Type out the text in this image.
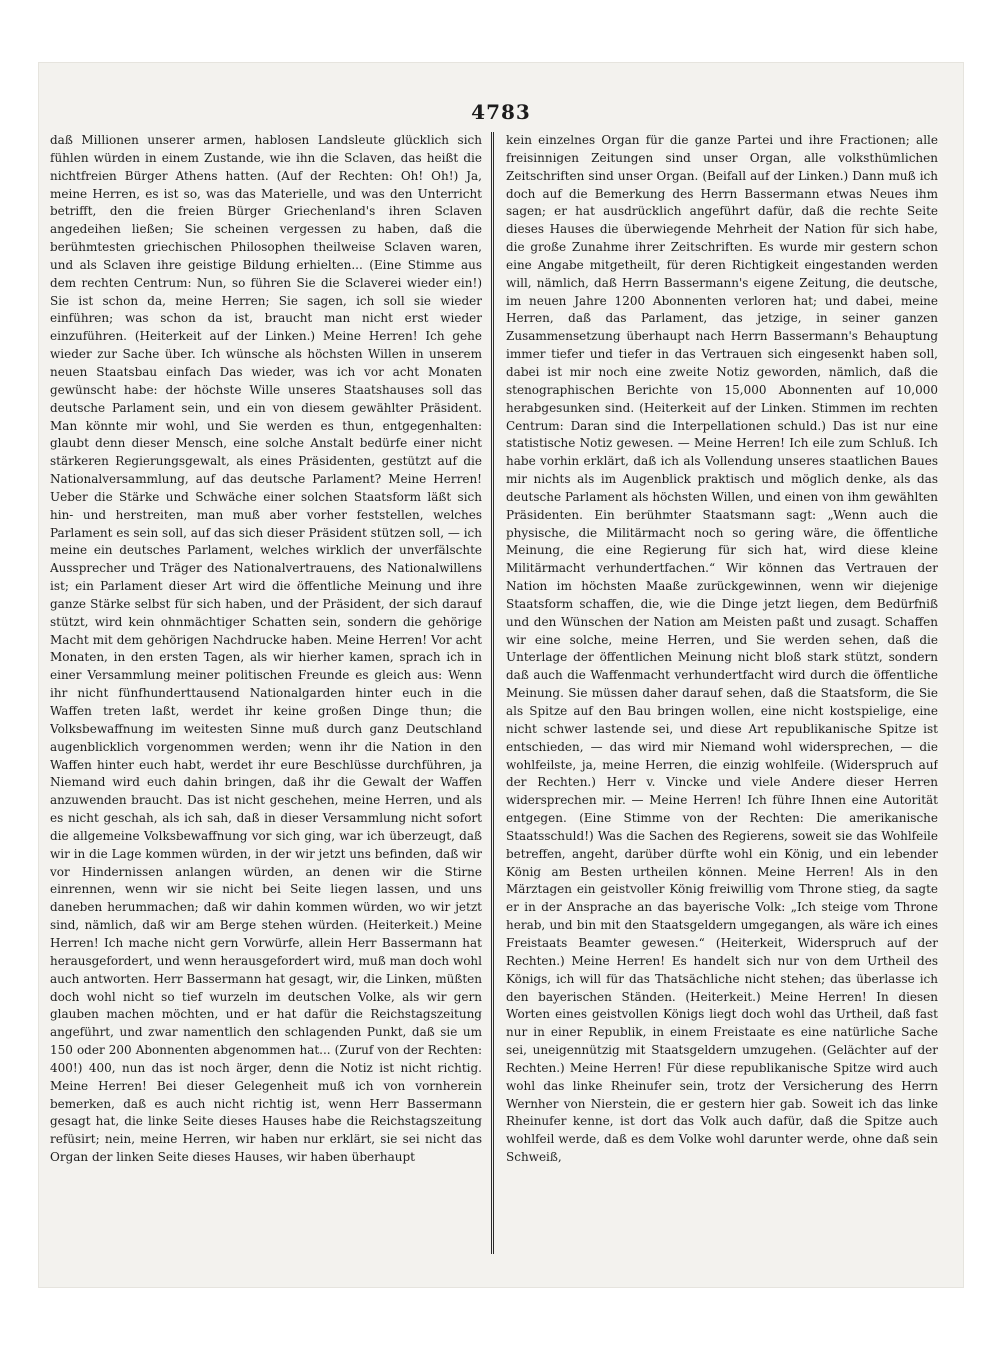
4783

daß Millionen unserer armen, hablosen Landsleute glücklich sich fühlen würden in einem Zustande, wie ihn die Sclaven, das heißt die nichtfreien Bürger Athens hatten. (Auf der Rechten: Oh! Oh!) Ja, meine Herren, es ist so, was das Materielle, und was den Unterricht betrifft, den die freien Bürger Griechenland's ihren Sclaven angedeihen ließen; Sie scheinen vergessen zu haben, daß die berühmtesten griechischen Philosophen theilweise Sclaven waren, und als Sclaven ihre geistige Bildung erhielten... (Eine Stimme aus dem rechten Centrum: Nun, so führen Sie die Sclaverei wieder ein!) Sie ist schon da, meine Herren; Sie sagen, ich soll sie wieder einführen; was schon da ist, braucht man nicht erst wieder einzuführen. (Heiterkeit auf der Linken.) Meine Herren! Ich gehe wieder zur Sache über. Ich wünsche als höchsten Willen in unserem neuen Staatsbau einfach Das wieder, was ich vor acht Monaten gewünscht habe: der höchste Wille unseres Staatshauses soll das deutsche Parlament sein, und ein von diesem gewählter Präsident. Man könnte mir wohl, und Sie werden es thun, entgegenhalten: glaubt denn dieser Mensch, eine solche Anstalt bedürfe einer nicht stärkeren Regierungsgewalt, als eines Präsidenten, gestützt auf die Nationalversammlung, auf das deutsche Parlament? Meine Herren! Ueber die Stärke und Schwäche einer solchen Staatsform läßt sich hin- und herstreiten, man muß aber vorher feststellen, welches Parlament es sein soll, auf das sich dieser Präsident stützen soll, — ich meine ein deutsches Parlament, welches wirklich der unverfälschte Aussprecher und Träger des Nationalvertrauens, des Nationalwillens ist; ein Parlament dieser Art wird die öffentliche Meinung und ihre ganze Stärke selbst für sich haben, und der Präsident, der sich darauf stützt, wird kein ohnmächtiger Schatten sein, sondern die gehörige Macht mit dem gehörigen Nachdrucke haben. Meine Herren! Vor acht Monaten, in den ersten Tagen, als wir hierher kamen, sprach ich in einer Versammlung meiner politischen Freunde es gleich aus: Wenn ihr nicht fünfhunderttausend Nationalgarden hinter euch in die Waffen treten laßt, werdet ihr keine großen Dinge thun; die Volksbewaffnung im weitesten Sinne muß durch ganz Deutschland augenblicklich vorgenommen werden; wenn ihr die Nation in den Waffen hinter euch habt, werdet ihr eure Beschlüsse durchführen, ja Niemand wird euch dahin bringen, daß ihr die Gewalt der Waffen anzuwenden braucht. Das ist nicht geschehen, meine Herren, und als es nicht geschah, als ich sah, daß in dieser Versammlung nicht sofort die allgemeine Volksbewaffnung vor sich ging, war ich überzeugt, daß wir in die Lage kommen würden, in der wir jetzt uns befinden, daß wir vor Hindernissen anlangen würden, an denen wir die Stirne einrennen, wenn wir sie nicht bei Seite liegen lassen, und uns daneben herummachen; daß wir dahin kommen würden, wo wir jetzt sind, nämlich, daß wir am Berge stehen würden. (Heiterkeit.) Meine Herren! Ich mache nicht gern Vorwürfe, allein Herr Bassermann hat herausgefordert, und wenn herausgefordert wird, muß man doch wohl auch antworten. Herr Bassermann hat gesagt, wir, die Linken, müßten doch wohl nicht so tief wurzeln im deutschen Volke, als wir gern glauben machen möchten, und er hat dafür die Reichstagszeitung angeführt, und zwar namentlich den schlagenden Punkt, daß sie um 150 oder 200 Abonnenten abgenommen hat... (Zuruf von der Rechten: 400!) 400, nun das ist noch ärger, denn die Notiz ist nicht richtig. Meine Herren! Bei dieser Gelegenheit muß ich von vornherein bemerken, daß es auch nicht richtig ist, wenn Herr Bassermann gesagt hat, die linke Seite dieses Hauses habe die Reichstagszeitung refüsirt; nein, meine Herren, wir haben nur erklärt, sie sei nicht das Organ der linken Seite dieses Hauses, wir haben überhaupt

kein einzelnes Organ für die ganze Partei und ihre Fractionen; alle freisinnigen Zeitungen sind unser Organ, alle volksthümlichen Zeitschriften sind unser Organ. (Beifall auf der Linken.) Dann muß ich doch auf die Bemerkung des Herrn Bassermann etwas Neues ihm sagen; er hat ausdrücklich angeführt dafür, daß die rechte Seite dieses Hauses die überwiegende Mehrheit der Nation für sich habe, die große Zunahme ihrer Zeitschriften. Es wurde mir gestern schon eine Angabe mitgetheilt, für deren Richtigkeit eingestanden werden will, nämlich, daß Herrn Bassermann's eigene Zeitung, die deutsche, im neuen Jahre 1200 Abonnenten verloren hat; und dabei, meine Herren, daß das Parlament, das jetzige, in seiner ganzen Zusammensetzung überhaupt nach Herrn Bassermann's Behauptung immer tiefer und tiefer in das Vertrauen sich eingesenkt haben soll, dabei ist mir noch eine zweite Notiz geworden, nämlich, daß die stenographischen Berichte von 15,000 Abonnenten auf 10,000 herabgesunken sind. (Heiterkeit auf der Linken. Stimmen im rechten Centrum: Daran sind die Interpellationen schuld.) Das ist nur eine statistische Notiz gewesen. — Meine Herren! Ich eile zum Schluß. Ich habe vorhin erklärt, daß ich als Vollendung unseres staatlichen Baues mir nichts als im Augenblick praktisch und möglich denke, als das deutsche Parlament als höchsten Willen, und einen von ihm gewählten Präsidenten. Ein berühmter Staatsmann sagt: „Wenn auch die physische, die Militärmacht noch so gering wäre, die öffentliche Meinung, die eine Regierung für sich hat, wird diese kleine Militärmacht verhundertfachen.“ Wir können das Vertrauen der Nation im höchsten Maaße zurückgewinnen, wenn wir diejenige Staatsform schaffen, die, wie die Dinge jetzt liegen, dem Bedürfniß und den Wünschen der Nation am Meisten paßt und zusagt. Schaffen wir eine solche, meine Herren, und Sie werden sehen, daß die Unterlage der öffentlichen Meinung nicht bloß stark stützt, sondern daß auch die Waffenmacht verhundertfacht wird durch die öffentliche Meinung. Sie müssen daher darauf sehen, daß die Staatsform, die Sie als Spitze auf den Bau bringen wollen, eine nicht kostspielige, eine nicht schwer lastende sei, und diese Art republikanische Spitze ist entschieden, — das wird mir Niemand wohl widersprechen, — die wohlfeilste, ja, meine Herren, die einzig wohlfeile. (Widerspruch auf der Rechten.) Herr v. Vincke und viele Andere dieser Herren widersprechen mir. — Meine Herren! Ich führe Ihnen eine Autorität entgegen. (Eine Stimme von der Rechten: Die amerikanische Staatsschuld!) Was die Sachen des Regierens, soweit sie das Wohlfeile betreffen, angeht, darüber dürfte wohl ein König, und ein lebender König am Besten urtheilen können. Meine Herren! Als in den Märztagen ein geistvoller König freiwillig vom Throne stieg, da sagte er in der Ansprache an das bayerische Volk: „Ich steige vom Throne herab, und bin mit den Staatsgeldern umgegangen, als wäre ich eines Freistaats Beamter gewesen.“ (Heiterkeit, Widerspruch auf der Rechten.) Meine Herren! Es handelt sich nur von dem Urtheil des Königs, ich will für das Thatsächliche nicht stehen; das überlasse ich den bayerischen Ständen. (Heiterkeit.) Meine Herren! In diesen Worten eines geistvollen Königs liegt doch wohl das Urtheil, daß fast nur in einer Republik, in einem Freistaate es eine natürliche Sache sei, uneigennützig mit Staatsgeldern umzugehen. (Gelächter auf der Rechten.) Meine Herren! Für diese republikanische Spitze wird auch wohl das linke Rheinufer sein, trotz der Versicherung des Herrn Wernher von Nierstein, die er gestern hier gab. Soweit ich das linke Rheinufer kenne, ist dort das Volk auch dafür, daß die Spitze auch wohlfeil werde, daß es dem Volke wohl darunter werde, ohne daß sein Schweiß,
